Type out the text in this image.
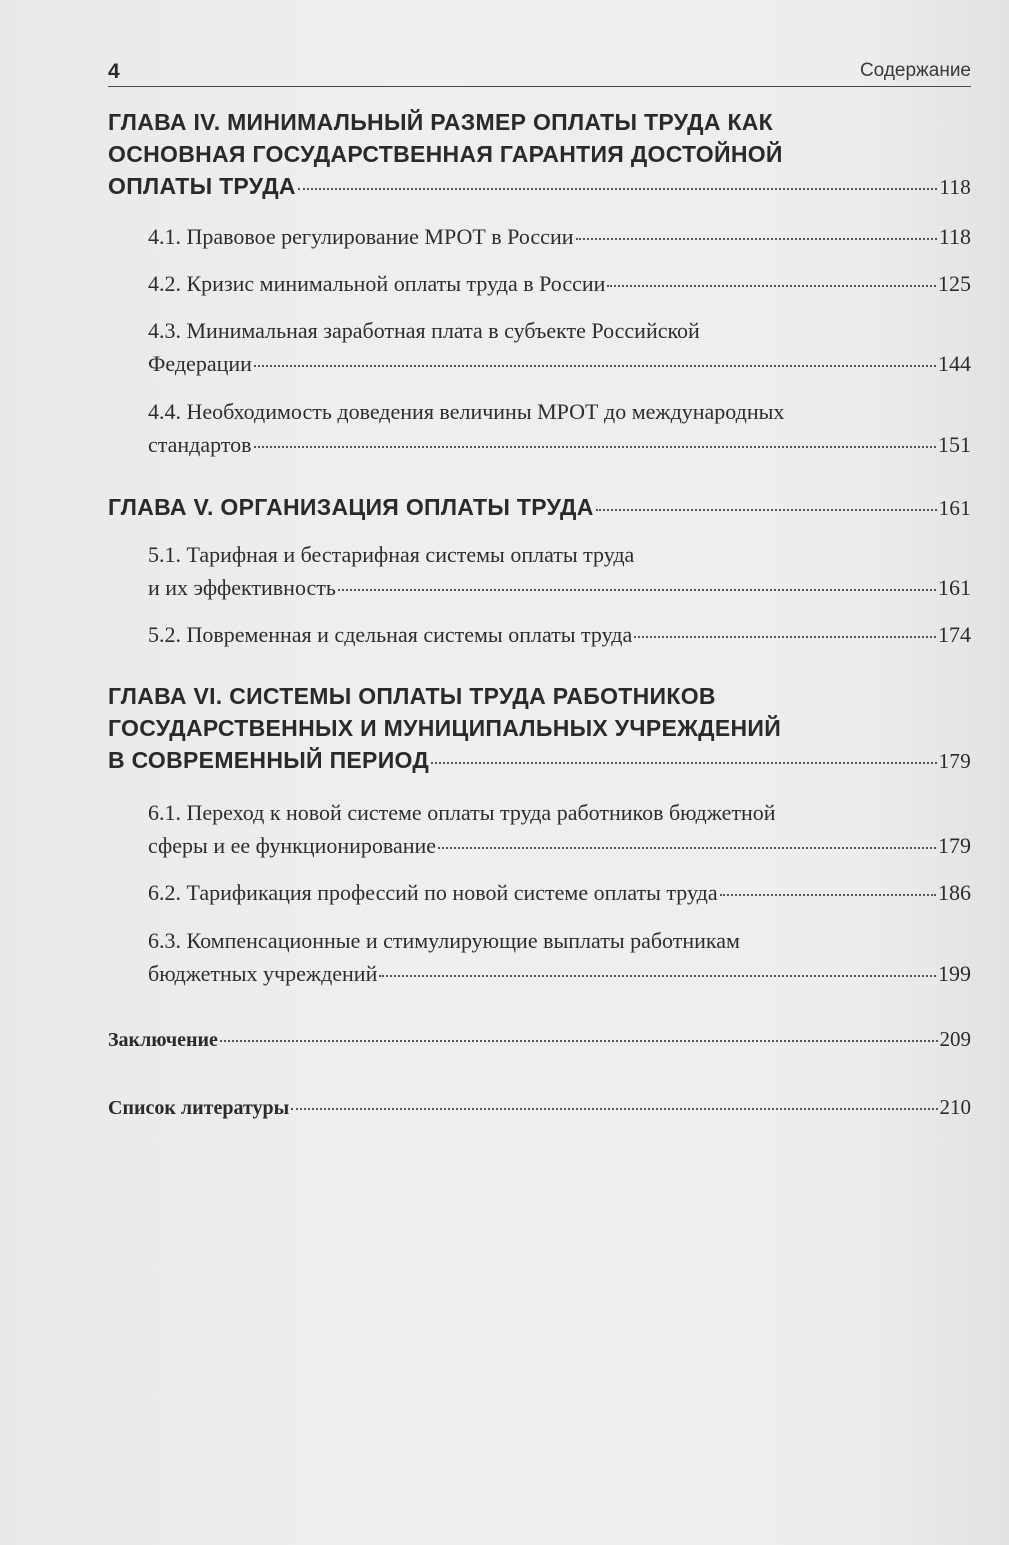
4	Содержание
ГЛАВА IV. МИНИМАЛЬНЫЙ РАЗМЕР ОПЛАТЫ ТРУДА КАК
ОСНОВНАЯ ГОСУДАРСТВЕННАЯ ГАРАНТИЯ ДОСТОЙНОЙ
ОПЛАТЫ ТРУДА	118
4.1. Правовое регулирование МРОТ в России	118
4.2. Кризис минимальной оплаты труда в России	125
4.3. Минимальная заработная плата в субъекте Российской
Федерации	144
4.4. Необходимость доведения величины МРОТ до международных
стандартов	151
ГЛАВА V. ОРГАНИЗАЦИЯ ОПЛАТЫ ТРУДА	161
5.1. Тарифная и бестарифная системы оплаты труда
и их эффективность	161
5.2. Повременная и сдельная системы оплаты труда	174
ГЛАВА VI. СИСТЕМЫ ОПЛАТЫ ТРУДА РАБОТНИКОВ
ГОСУДАРСТВЕННЫХ И МУНИЦИПАЛЬНЫХ УЧРЕЖДЕНИЙ
В СОВРЕМЕННЫЙ ПЕРИОД	179
6.1. Переход к новой системе оплаты труда работников бюджетной
сферы и ее функционирование	179
6.2. Тарификация профессий по новой системе оплаты труда	186
6.3. Компенсационные и стимулирующие выплаты работникам
бюджетных учреждений	199
Заключение	209
Список литературы	210
